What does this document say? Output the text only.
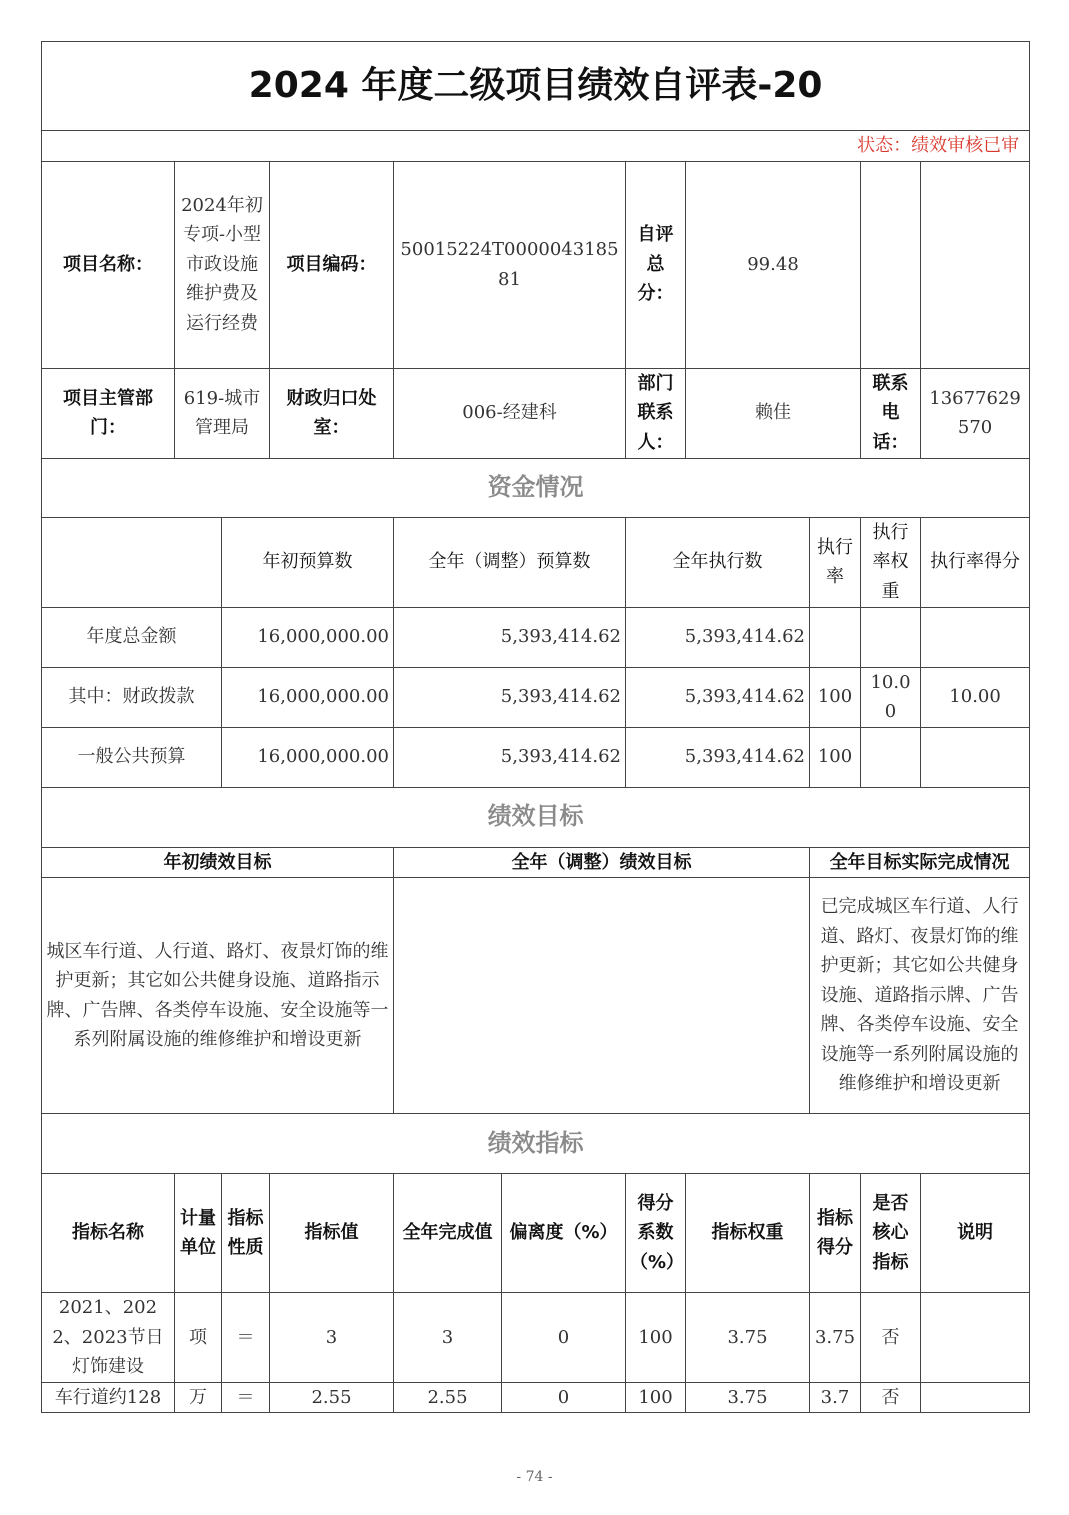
2024 年度二级项目绩效自评表-20										
状态：绩效审核已审										
项目名称：	2024年初专项-小型市政设施维护费及运行经费		项目编码：	50015224T000004318581		自评总分：	99.48			
项目主管部门：	619-城市管理局		财政归口处室：	006-经建科		部门联系人：	赖佳		联系电话：	13677629570
资金情况										
		年初预算数		全年（调整）预算数		全年执行数		执行率	执行率权重	执行率得分
年度总金额		16,000,000.00		5,393,414.62		5,393,414.62				
其中：财政拨款		16,000,000.00		5,393,414.62		5,393,414.62		100	10.00	10.00
一般公共预算		16,000,000.00		5,393,414.62		5,393,414.62		100		
绩效目标										
年初绩效目标				全年（调整）绩效目标				全年目标实际完成情况		
城区车行道、人行道、路灯、夜景灯饰的维护更新；其它如公共健身设施、道路指示牌、广告牌、各类停车设施、安全设施等一系列附属设施的维修维护和增设更新								已完成城区车行道、人行道、路灯、夜景灯饰的维护更新；其它如公共健身设施、道路指示牌、广告牌、各类停车设施、安全设施等一系列附属设施的维修维护和增设更新		
绩效指标										
指标名称	计量单位	指标性质	指标值	全年完成值	偏离度（%）	得分系数（%）	指标权重	指标得分	是否核心指标	说明
2021、2022、2023节日灯饰建设	项	＝	3	3	0	100	3.75	3.75	否	
车行道约128	万	＝	2.55	2.55	0	100	3.75	3.7	否	
- 74 -
